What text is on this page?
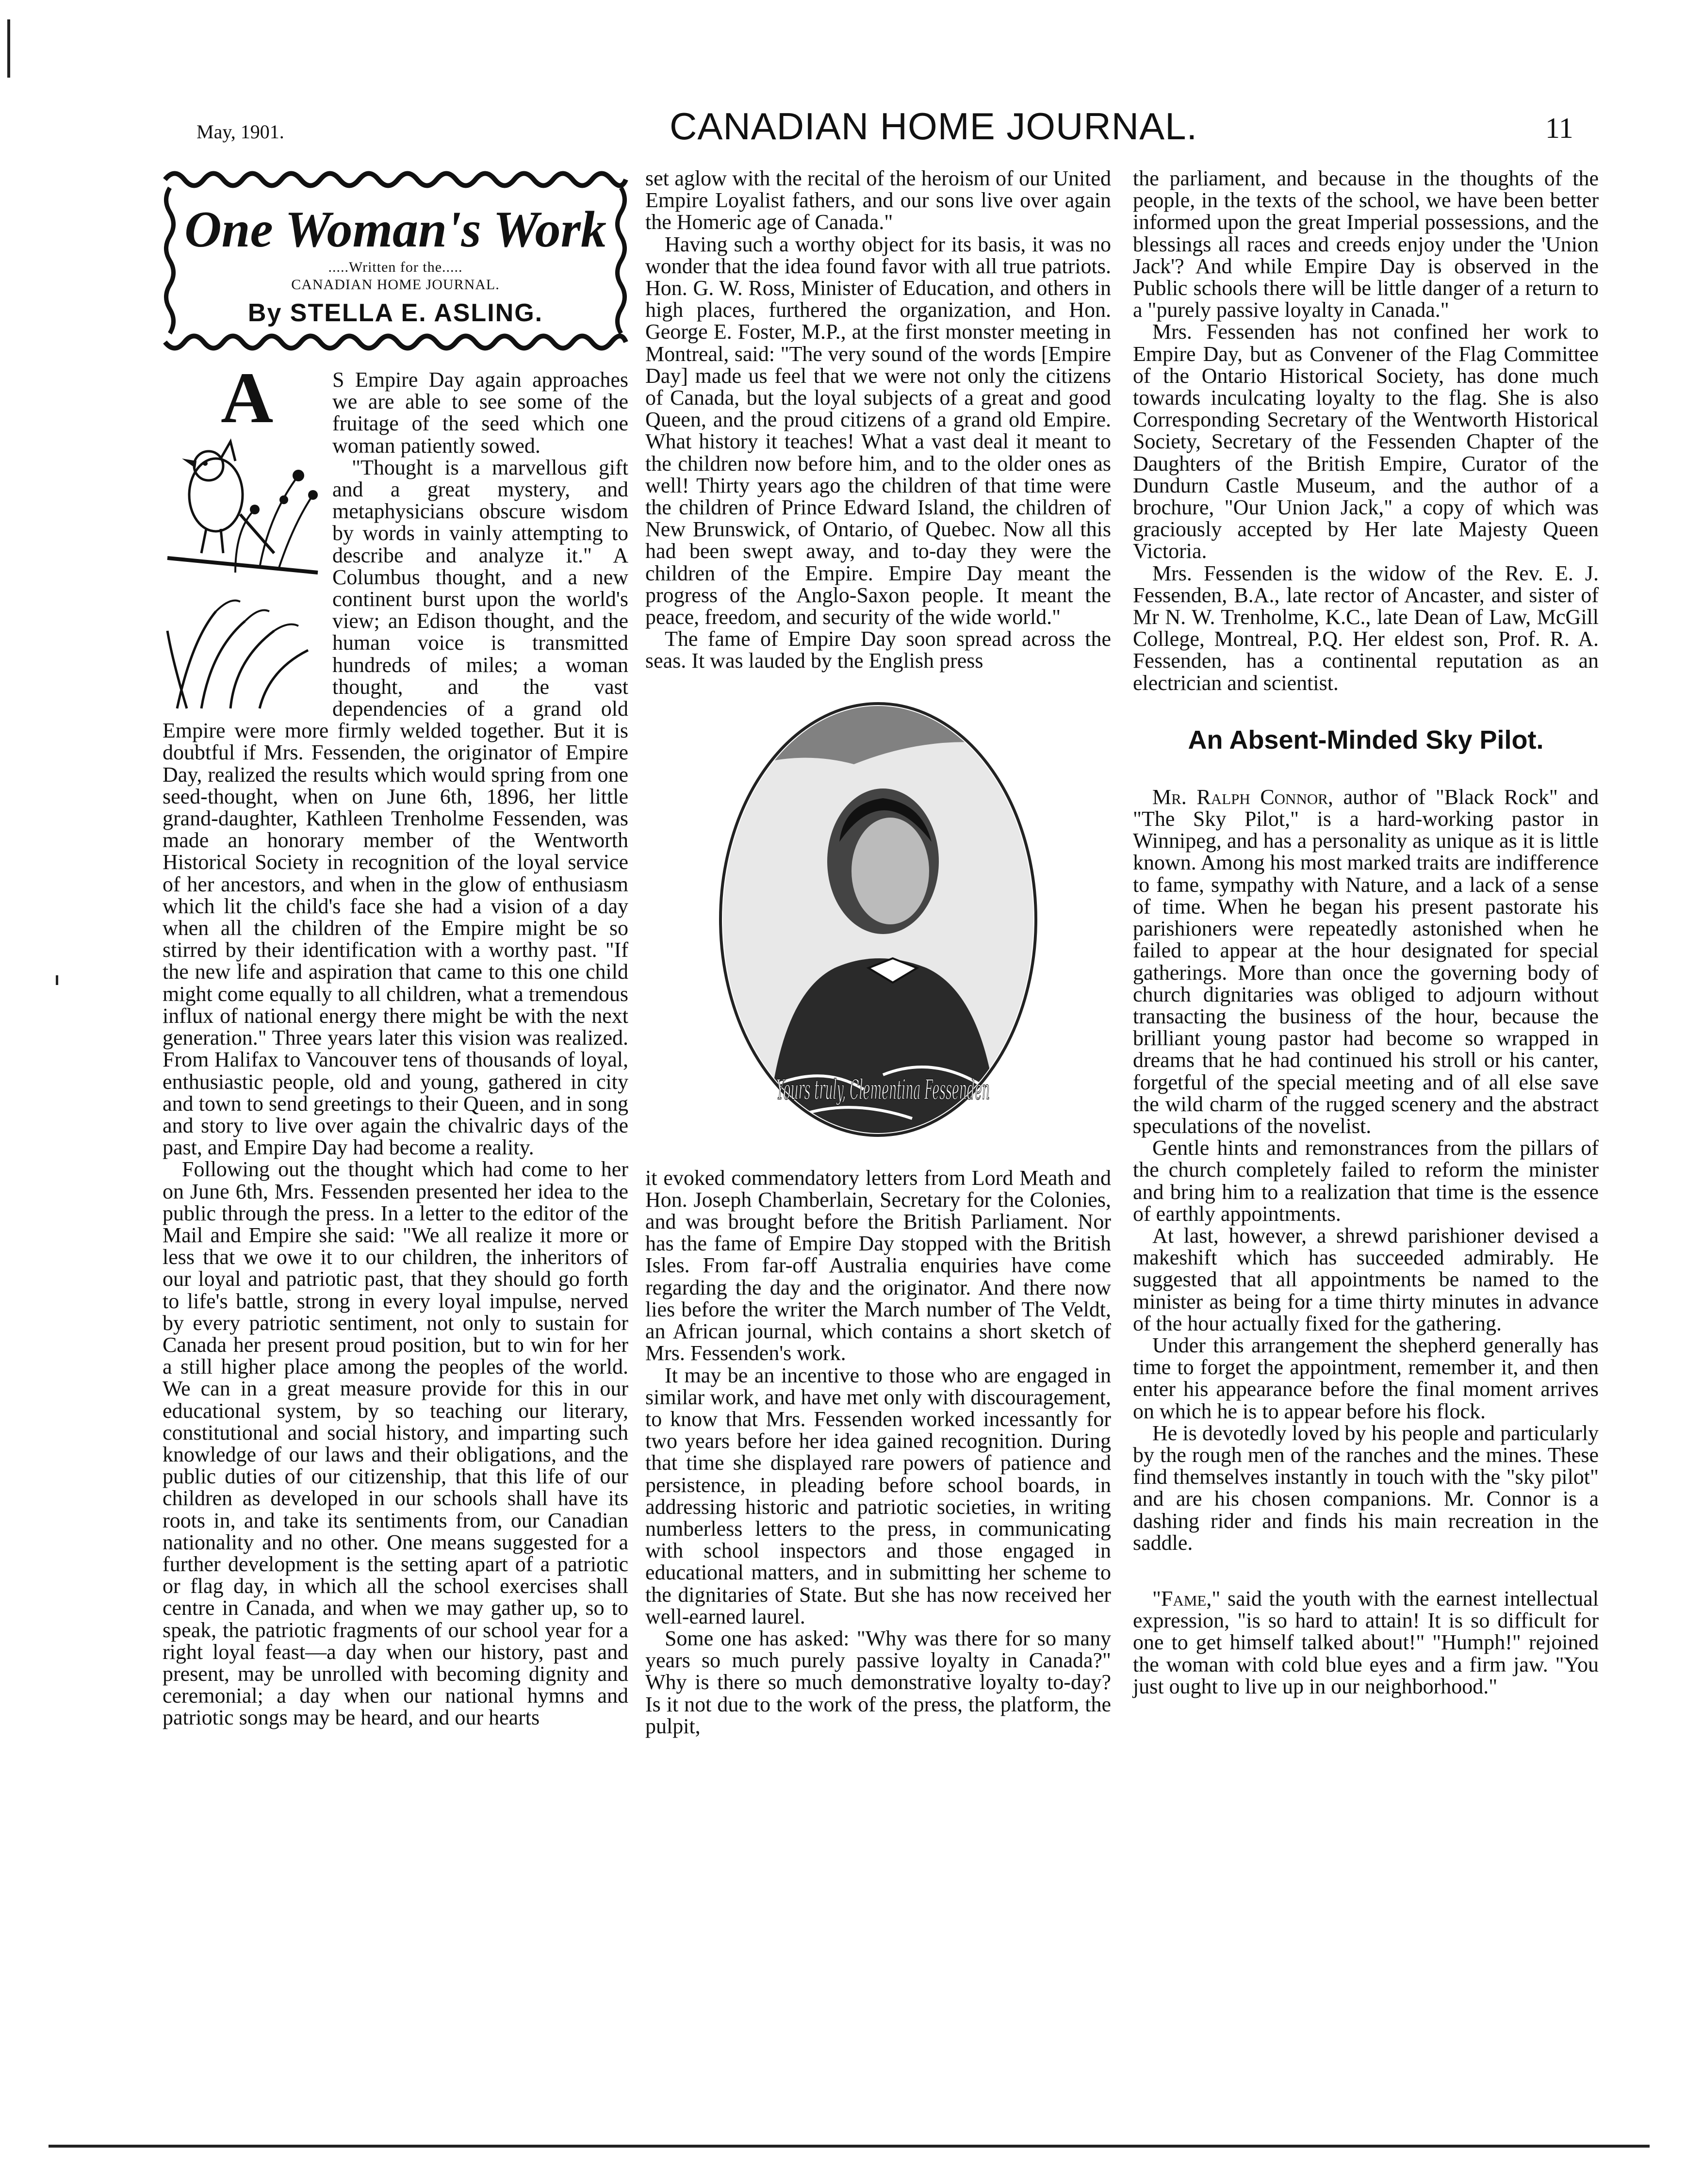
May, 1901.	CANADIAN HOME JOURNAL.	11
One Woman's Work
.....Written for the.....
CANADIAN HOME JOURNAL.
By STELLA E. ASLING.
A	S Empire Day again approaches we are able to see some of the fruitage of the seed which one woman patiently sowed.

"Thought is a marvellous gift and a great mystery, and metaphysicians obscure wisdom by words in vainly attempting to describe and analyze it." A Columbus thought, and a new continent burst upon the world's view; an Edison thought, and the human voice is transmitted hundreds of miles; a woman thought, and the vast dependencies of a grand old Empire were more firmly welded together. But it is doubtful if Mrs. Fessenden, the originator of Empire Day, realized the results which would spring from one seed-thought, when on June 6th, 1896, her little grand-daughter, Kathleen Trenholme Fessenden, was made an honorary member of the Wentworth Historical Society in recognition of the loyal service of her ancestors, and when in the glow of enthusiasm which lit the child's face she had a vision of a day when all the children of the Empire might be so stirred by their identification with a worthy past. "If the new life and aspiration that came to this one child might come equally to all children, what a tremendous influx of national energy there might be with the next generation." Three years later this vision was realized. From Halifax to Vancouver tens of thousands of loyal, enthusiastic people, old and young, gathered in city and town to send greetings to their Queen, and in song and story to live over again the chivalric days of the past, and Empire Day had become a reality.

Following out the thought which had come to her on June 6th, Mrs. Fessenden presented her idea to the public through the press. In a letter to the editor of the Mail and Empire she said: "We all realize it more or less that we owe it to our children, the inheritors of our loyal and patriotic past, that they should go forth to life's battle, strong in every loyal impulse, nerved by every patriotic sentiment, not only to sustain for Canada her present proud position, but to win for her a still higher place among the peoples of the world. We can in a great measure provide for this in our educational system, by so teaching our literary, constitutional and social history, and imparting such knowledge of our laws and their obligations, and the public duties of our citizenship, that this life of our children as developed in our schools shall have its roots in, and take its sentiments from, our Canadian nationality and no other. One means suggested for a further development is the setting apart of a patriotic or flag day, in which all the school exercises shall centre in Canada, and when we may gather up, so to speak, the patriotic fragments of our school year for a right loyal feast—a day when our history, past and present, may be unrolled with becoming dignity and ceremonial; a day when our national hymns and patriotic songs may be heard, and our hearts

set aglow with the recital of the heroism of our United Empire Loyalist fathers, and our sons live over again the Homeric age of Canada."

Having such a worthy object for its basis, it was no wonder that the idea found favor with all true patriots. Hon. G. W. Ross, Minister of Education, and others in high places, furthered the organization, and Hon. George E. Foster, M.P., at the first monster meeting in Montreal, said: "The very sound of the words [Empire Day] made us feel that we were not only the citizens of Canada, but the loyal subjects of a great and good Queen, and the proud citizens of a grand old Empire. What history it teaches! What a vast deal it meant to the children now before him, and to the older ones as well! Thirty years ago the children of that time were the children of Prince Edward Island, the children of New Brunswick, of Ontario, of Quebec. Now all this had been swept away, and to-day they were the children of the Empire. Empire Day meant the progress of the Anglo-Saxon people. It meant the peace, freedom, and security of the wide world."

The fame of Empire Day soon spread across the seas. It was lauded by the English press

Yours truly, Clementina Fessenden

it evoked commendatory letters from Lord Meath and Hon. Joseph Chamberlain, Secretary for the Colonies, and was brought before the British Parliament. Nor has the fame of Empire Day stopped with the British Isles. From far-off Australia enquiries have come regarding the day and the originator. And there now lies before the writer the March number of The Veldt, an African journal, which contains a short sketch of Mrs. Fessenden's work.

It may be an incentive to those who are engaged in similar work, and have met only with discouragement, to know that Mrs. Fessenden worked incessantly for two years before her idea gained recognition. During that time she displayed rare powers of patience and persistence, in pleading before school boards, in addressing historic and patriotic societies, in writing numberless letters to the press, in communicating with school inspectors and those engaged in educational matters, and in submitting her scheme to the dignitaries of State. But she has now received her well-earned laurel.

Some one has asked: "Why was there for so many years so much purely passive loyalty in Canada?" Why is there so much demonstrative loyalty to-day? Is it not due to the work of the press, the platform, the pulpit,

the parliament, and because in the thoughts of the people, in the texts of the school, we have been better informed upon the great Imperial possessions, and the blessings all races and creeds enjoy under the 'Union Jack'? And while Empire Day is observed in the Public schools there will be little danger of a return to a "purely passive loyalty in Canada."

Mrs. Fessenden has not confined her work to Empire Day, but as Convener of the Flag Committee of the Ontario Historical Society, has done much towards inculcating loyalty to the flag. She is also Corresponding Secretary of the Wentworth Historical Society, Secretary of the Fessenden Chapter of the Daughters of the British Empire, Curator of the Dundurn Castle Museum, and the author of a brochure, "Our Union Jack," a copy of which was graciously accepted by Her late Majesty Queen Victoria.

Mrs. Fessenden is the widow of the Rev. E. J. Fessenden, B.A., late rector of Ancaster, and sister of Mr N. W. Trenholme, K.C., late Dean of Law, McGill College, Montreal, P.Q. Her eldest son, Prof. R. A. Fessenden, has a continental reputation as an electrician and scientist.

An Absent-Minded Sky Pilot.

Mr. Ralph Connor, author of "Black Rock" and "The Sky Pilot," is a hard-working pastor in Winnipeg, and has a personality as unique as it is little known. Among his most marked traits are indifference to fame, sympathy with Nature, and a lack of a sense of time. When he began his present pastorate his parishioners were repeatedly astonished when he failed to appear at the hour designated for special gatherings. More than once the governing body of church dignitaries was obliged to adjourn without transacting the business of the hour, because the brilliant young pastor had become so wrapped in dreams that he had continued his stroll or his canter, forgetful of the special meeting and of all else save the wild charm of the rugged scenery and the abstract speculations of the novelist.

Gentle hints and remonstrances from the pillars of the church completely failed to reform the minister and bring him to a realization that time is the essence of earthly appointments.

At last, however, a shrewd parishioner devised a makeshift which has succeeded admirably. He suggested that all appointments be named to the minister as being for a time thirty minutes in advance of the hour actually fixed for the gathering.

Under this arrangement the shepherd generally has time to forget the appointment, remember it, and then enter his appearance before the final moment arrives on which he is to appear before his flock.

He is devotedly loved by his people and particularly by the rough men of the ranches and the mines. These find themselves instantly in touch with the "sky pilot" and are his chosen companions. Mr. Connor is a dashing rider and finds his main recreation in the saddle.

"Fame," said the youth with the earnest intellectual expression, "is so hard to attain! It is so difficult for one to get himself talked about!" "Humph!" rejoined the woman with cold blue eyes and a firm jaw. "You just ought to live up in our neighborhood."
